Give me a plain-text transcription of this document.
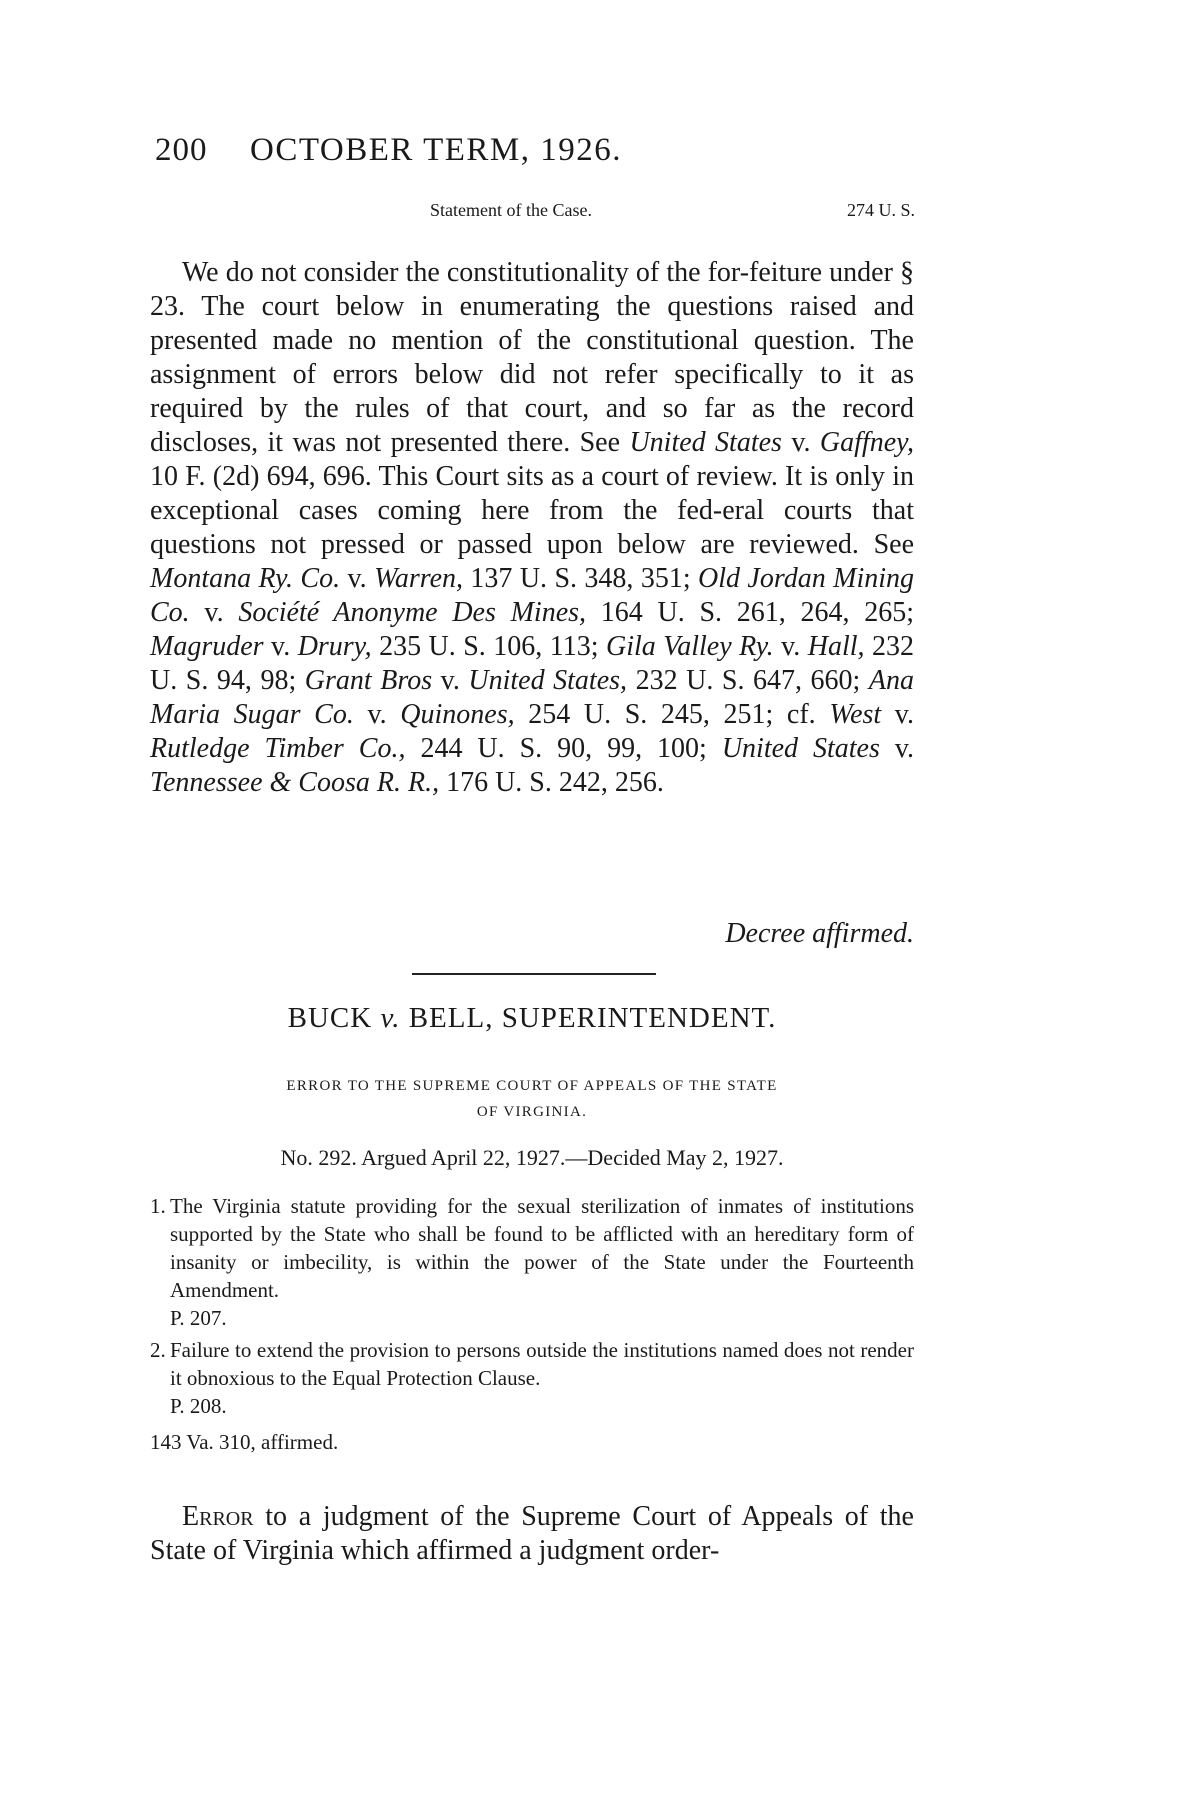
200 OCTOBER TERM, 1926.
Statement of the Case.	274 U. S.

We do not consider the constitutionality of the for-feiture under § 23. The court below in enumerating the questions raised and presented made no mention of the constitutional question. The assignment of errors below did not refer specifically to it as required by the rules of that court, and so far as the record discloses, it was not presented there. See United States v. Gaffney, 10 F. (2d) 694, 696. This Court sits as a court of review. It is only in exceptional cases coming here from the fed-eral courts that questions not pressed or passed upon below are reviewed. See Montana Ry. Co. v. Warren, 137 U. S. 348, 351; Old Jordan Mining Co. v. Société Anonyme Des Mines, 164 U. S. 261, 264, 265; Magruder v. Drury, 235 U. S. 106, 113; Gila Valley Ry. v. Hall, 232 U. S. 94, 98; Grant Bros v. United States, 232 U. S. 647, 660; Ana Maria Sugar Co. v. Quinones, 254 U. S. 245, 251; cf. West v. Rutledge Timber Co., 244 U. S. 90, 99, 100; United States v. Tennessee & Coosa R. R., 176 U. S. 242, 256.

Decree affirmed.
BUCK v. BELL, SUPERINTENDENT.
ERROR TO THE SUPREME COURT OF APPEALS OF THE STATE
OF VIRGINIA.
No. 292. Argued April 22, 1927.—Decided May 2, 1927.
1. The Virginia statute providing for the sexual sterilization of inmates of institutions supported by the State who shall be found to be afflicted with an hereditary form of insanity or imbecility, is within the power of the State under the Fourteenth Amendment.
P. 207.
2. Failure to extend the provision to persons outside the institutions named does not render it obnoxious to the Equal Protection Clause.
P. 208.
143 Va. 310, affirmed.

Error to a judgment of the Supreme Court of Appeals of the State of Virginia which affirmed a judgment order-
